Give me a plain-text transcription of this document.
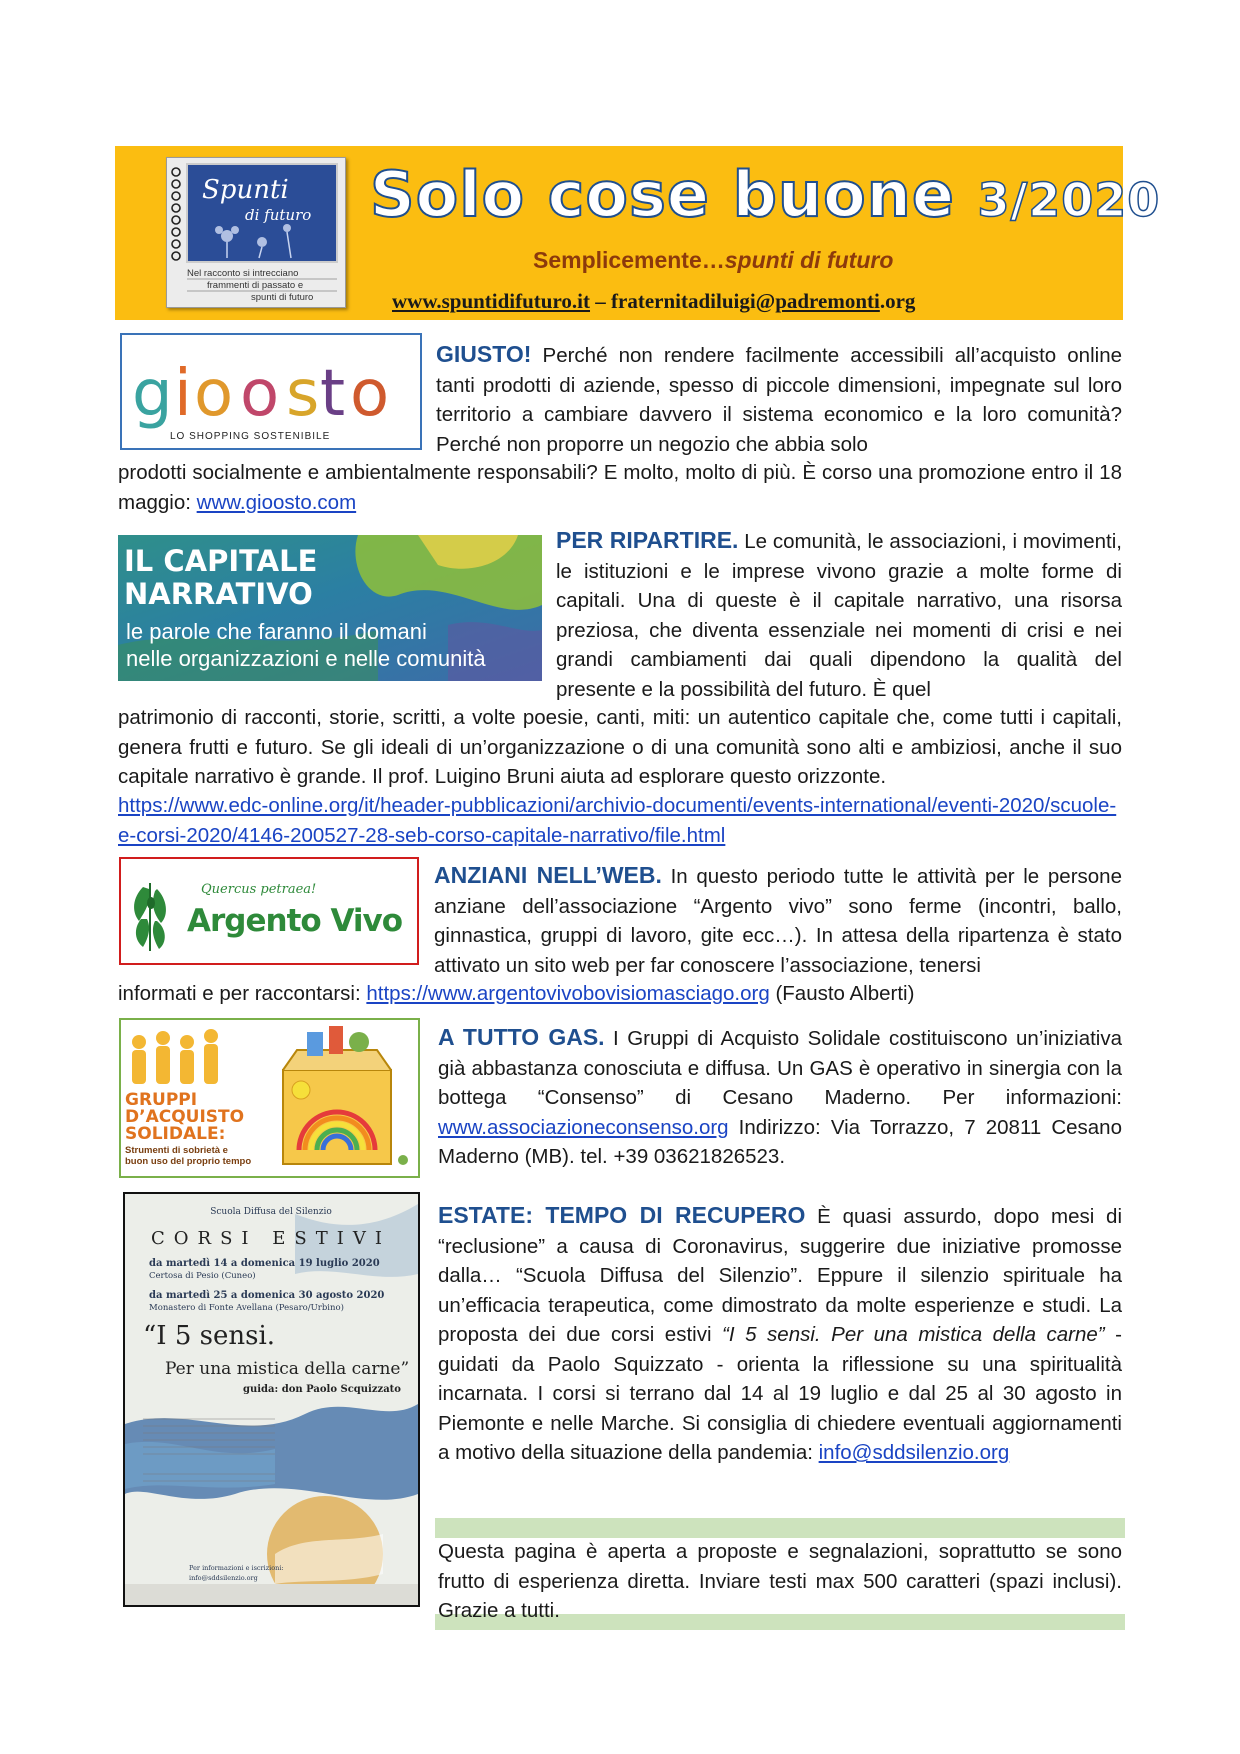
Spunti
di futuro
Nel racconto si intrecciano
frammenti di passato e
spunti di futuro
Solo cose buone 3/2020
Semplicemente…spunti di futuro
www.spuntidifuturo.it – fraternitadiluigi@padremonti.org
g i o o s t o
LO SHOPPING SOSTENIBILE
GIUSTO! Perché non rendere facilmente accessibili all’acquisto online tanti prodotti di aziende, spesso di piccole dimensioni, impegnate sul loro territorio a cambiare davvero il sistema economico e la loro comunità? Perché non proporre un negozio che abbia solo
prodotti socialmente e ambientalmente responsabili? E molto, molto di più. È corso una promozione entro il 18 maggio: www.gioosto.com
IL CAPITALE
NARRATIVO
le parole che faranno il domani
nelle organizzazioni e nelle comunità
PER RIPARTIRE. Le comunità, le associazioni, i movimenti, le istituzioni e le imprese vivono grazie a molte forme di capitali. Una di queste è il capitale narrativo, una risorsa preziosa, che diventa essenziale nei momenti di crisi e nei grandi cambiamenti dai quali dipendono la qualità del presente e la possibilità del futuro. È quel
patrimonio di racconti, storie, scritti, a volte poesie, canti, miti: un autentico capitale che, come tutti i capitali, genera frutti e futuro. Se gli ideali di un’organizzazione o di una comunità sono alti e ambiziosi, anche il suo capitale narrativo è grande. Il prof. Luigino Bruni aiuta ad esplorare questo orizzonte.
https://www.edc-online.org/it/header-pubblicazioni/archivio-documenti/events-international/eventi-2020/scuole-e-corsi-2020/4146-200527-28-seb-corso-capitale-narrativo/file.html
Quercus petraea!
Argento Vivo
ANZIANI NELL’WEB. In questo periodo tutte le attività per le persone anziane dell’associazione “Argento vivo” sono ferme (incontri, ballo, ginnastica, gruppi di lavoro, gite ecc…). In attesa della ripartenza è stato attivato un sito web per far conoscere l’associazione, tenersi
informati e per raccontarsi: https://www.argentovivobovisiomasciago.org (Fausto Alberti)
GRUPPI
D’ACQUISTO
SOLIDALE:
Strumenti di sobrietà e
buon uso del proprio tempo
A TUTTO GAS. I Gruppi di Acquisto Solidale costituiscono un’iniziativa già abbastanza conosciuta e diffusa. Un GAS è operativo in sinergia con la bottega “Consenso” di Cesano Maderno. Per informazioni: www.associazioneconsenso.org Indirizzo: Via Torrazzo, 7 20811 Cesano Maderno (MB). tel. +39 03621826523.
Scuola Diffusa del Silenzio
CORSI ESTIVI
da martedì 14 a domenica 19 luglio 2020
Certosa di Pesio (Cuneo)
da martedì 25 a domenica 30 agosto 2020
Monastero di Fonte Avellana (Pesaro/Urbino)
“I 5 sensi.
Per una mistica della carne”
guida: don Paolo Scquizzato
Per informazioni e iscrizioni:
info@sddsilenzio.org
ESTATE: TEMPO DI RECUPERO È quasi assurdo, dopo mesi di “reclusione” a causa di Coronavirus, suggerire due iniziative promosse dalla… “Scuola Diffusa del Silenzio”. Eppure il silenzio spirituale ha un’efficacia terapeutica, come dimostrato da molte esperienze e studi. La proposta dei due corsi estivi “I 5 sensi. Per una mistica della carne” - guidati da Paolo Squizzato - orienta la riflessione su una spiritualità incarnata. I corsi si terrano dal 14 al 19 luglio e dal 25 al 30 agosto in Piemonte e nelle Marche. Si consiglia di chiedere eventuali aggiornamenti a motivo della situazione della pandemia: info@sddsilenzio.org
Questa pagina è aperta a proposte e segnalazioni, soprattutto se sono frutto di esperienza diretta. Inviare testi max 500 caratteri (spazi inclusi). Grazie a tutti.
